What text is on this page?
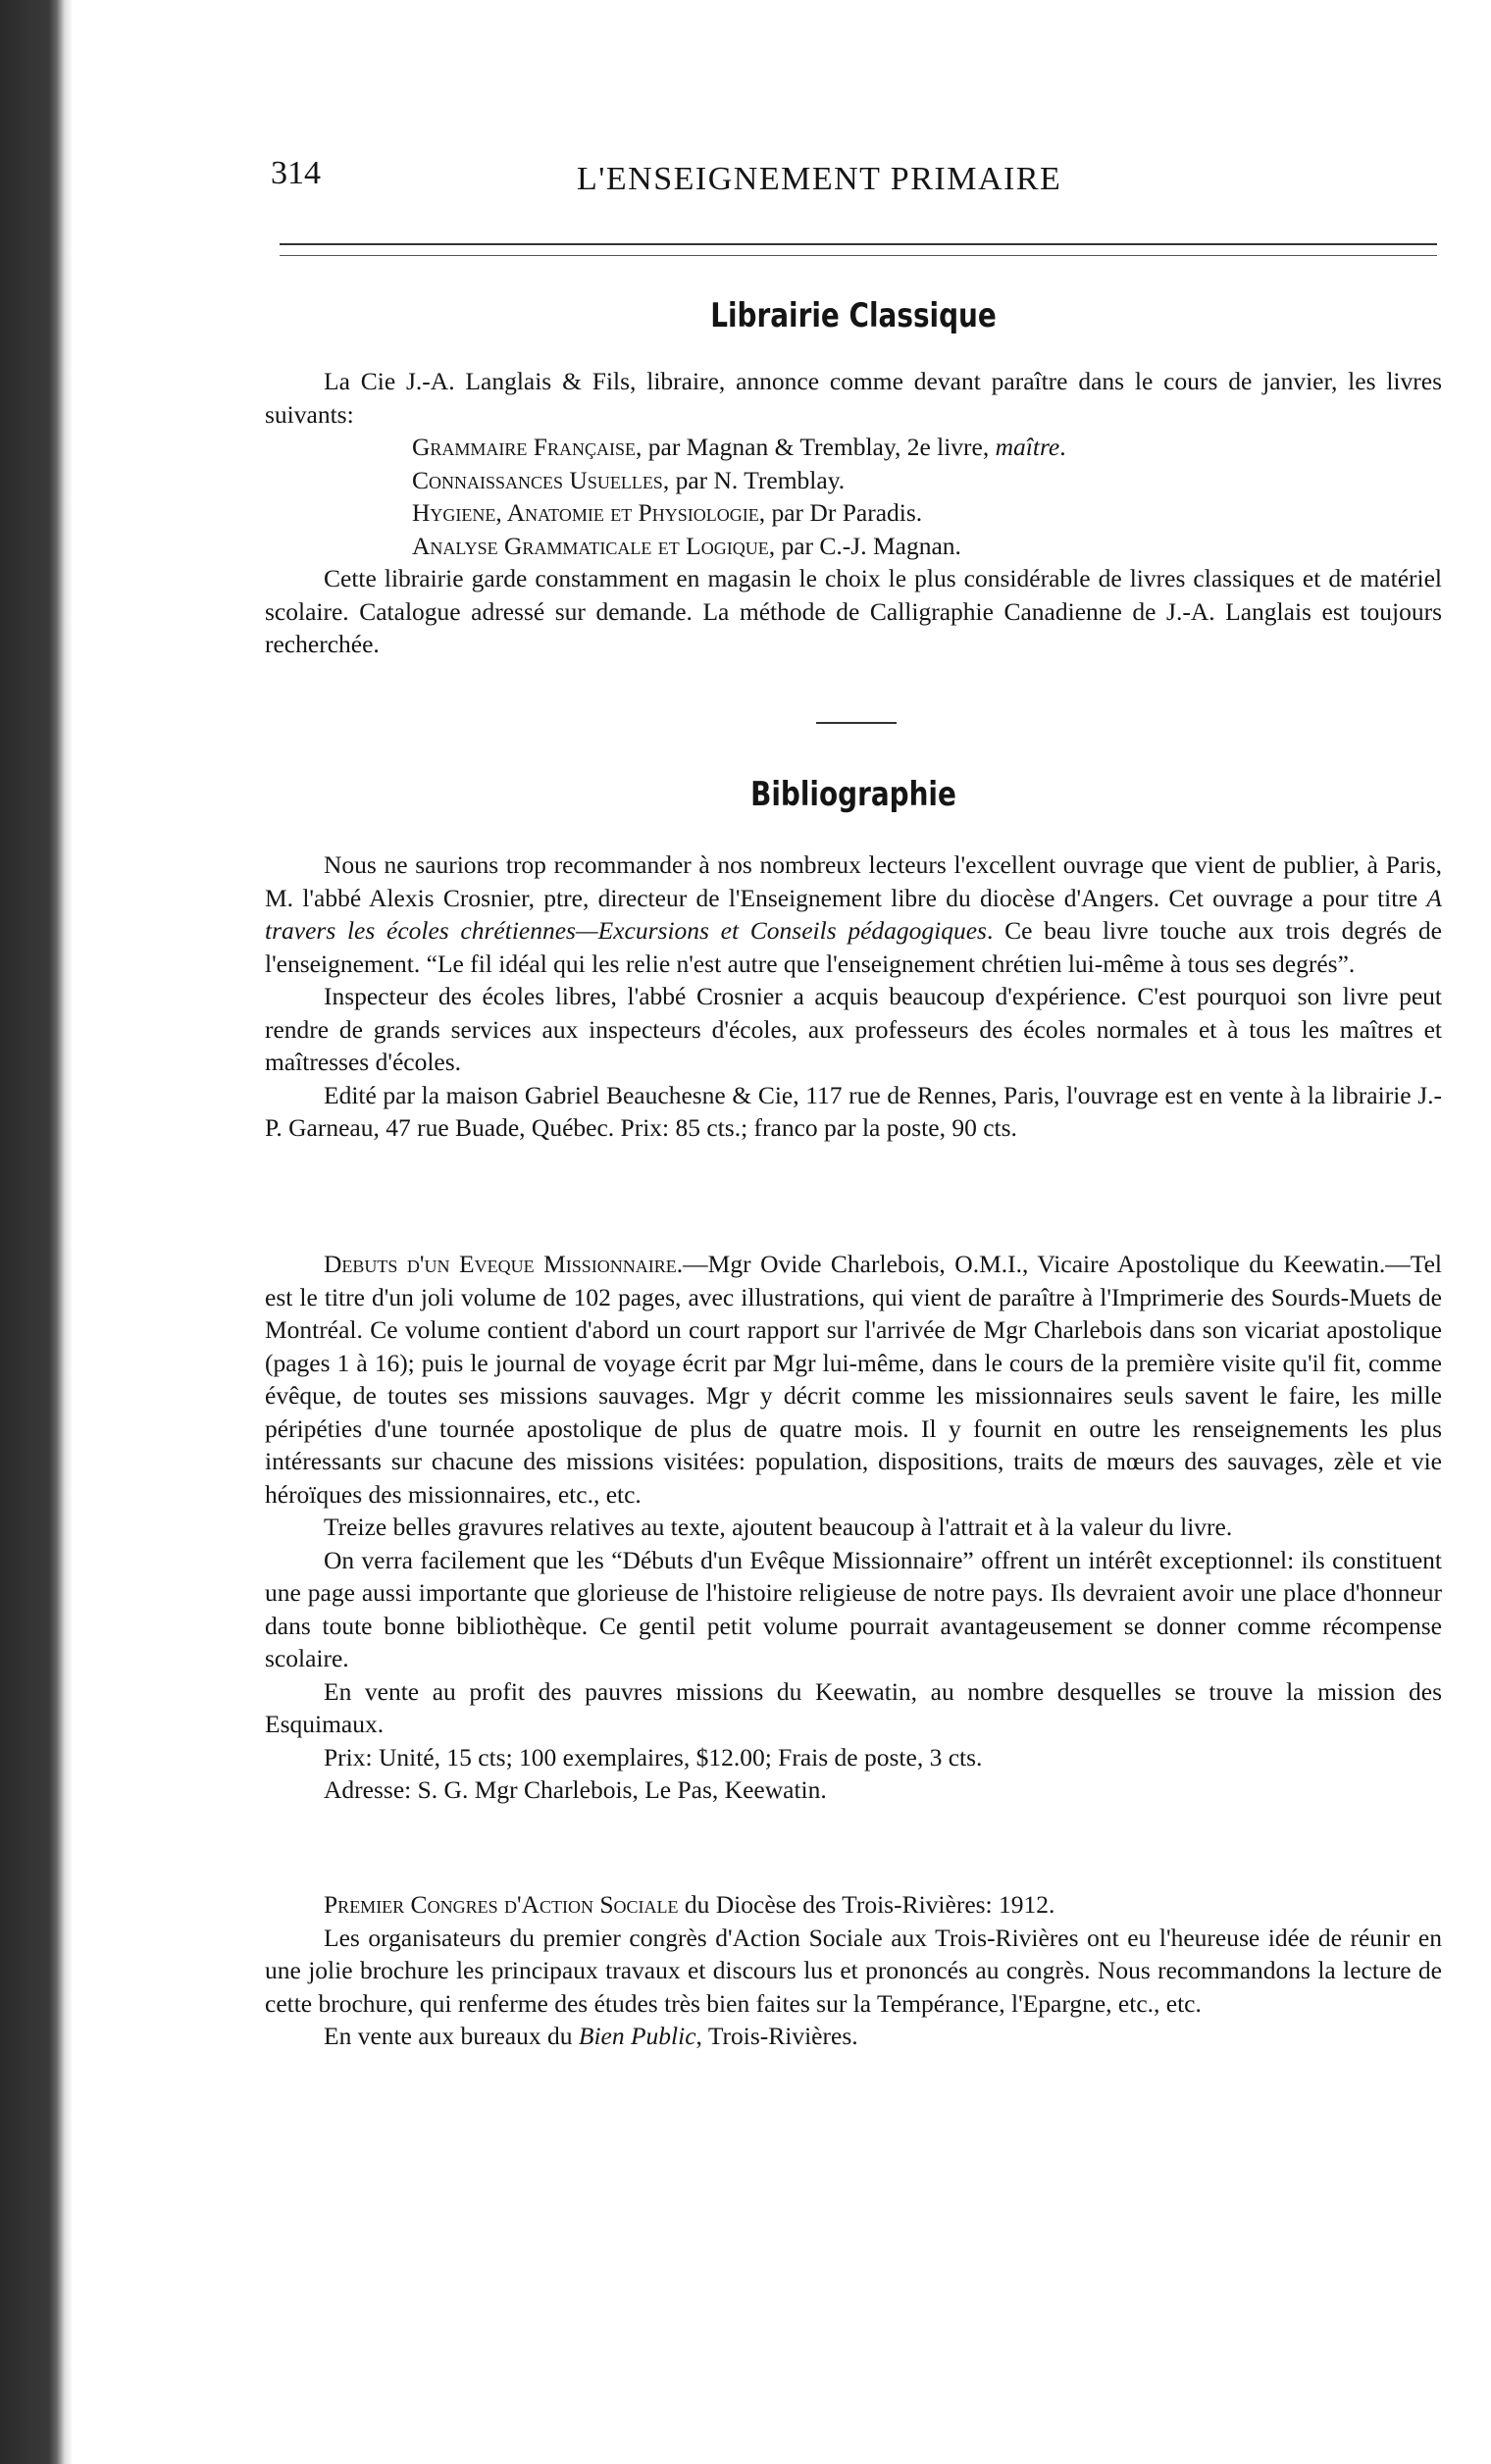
314	L'ENSEIGNEMENT PRIMAIRE
Librairie Classique

La Cie J.-A. Langlais & Fils, libraire, annonce comme devant paraître dans le cours de janvier, les livres suivants:

Grammaire Française, par Magnan & Tremblay, 2e livre, maître.
Connaissances Usuelles, par N. Tremblay.
Hygiene, Anatomie et Physiologie, par Dr Paradis.
Analyse Grammaticale et Logique, par C.-J. Magnan.

Cette librairie garde constamment en magasin le choix le plus considérable de livres classiques et de matériel scolaire. Catalogue adressé sur demande. La méthode de Calligraphie Canadienne de J.-A. Langlais est toujours recherchée.

Bibliographie

Nous ne saurions trop recommander à nos nombreux lecteurs l'excellent ouvrage que vient de publier, à Paris, M. l'abbé Alexis Crosnier, ptre, directeur de l'Enseignement libre du diocèse d'Angers. Cet ouvrage a pour titre A travers les écoles chrétiennes—Excursions et Conseils pédagogiques. Ce beau livre touche aux trois degrés de l'enseignement. “Le fil idéal qui les relie n'est autre que l'enseignement chrétien lui-même à tous ses degrés”.

Inspecteur des écoles libres, l'abbé Crosnier a acquis beaucoup d'expérience. C'est pourquoi son livre peut rendre de grands services aux inspecteurs d'écoles, aux professeurs des écoles normales et à tous les maîtres et maîtresses d'écoles.

Edité par la maison Gabriel Beauchesne & Cie, 117 rue de Rennes, Paris, l'ouvrage est en vente à la librairie J.-P. Garneau, 47 rue Buade, Québec. Prix: 85 cts.; franco par la poste, 90 cts.

Debuts d'un Eveque Missionnaire.—Mgr Ovide Charlebois, O.M.I., Vicaire Apostolique du Keewatin.—Tel est le titre d'un joli volume de 102 pages, avec illustrations, qui vient de paraître à l'Imprimerie des Sourds-Muets de Montréal. Ce volume contient d'abord un court rapport sur l'arrivée de Mgr Charlebois dans son vicariat apostolique (pages 1 à 16); puis le journal de voyage écrit par Mgr lui-même, dans le cours de la première visite qu'il fit, comme évêque, de toutes ses missions sauvages. Mgr y décrit comme les missionnaires seuls savent le faire, les mille péripéties d'une tournée apostolique de plus de quatre mois. Il y fournit en outre les renseignements les plus intéressants sur chacune des missions visitées: population, dispositions, traits de mœurs des sauvages, zèle et vie héroïques des missionnaires, etc., etc.

Treize belles gravures relatives au texte, ajoutent beaucoup à l'attrait et à la valeur du livre.

On verra facilement que les “Débuts d'un Evêque Missionnaire” offrent un intérêt exceptionnel: ils constituent une page aussi importante que glorieuse de l'histoire religieuse de notre pays. Ils devraient avoir une place d'honneur dans toute bonne bibliothèque. Ce gentil petit volume pourrait avantageusement se donner comme récompense scolaire.

En vente au profit des pauvres missions du Keewatin, au nombre desquelles se trouve la mission des Esquimaux.

Prix: Unité, 15 cts; 100 exemplaires, $12.00; Frais de poste, 3 cts.

Adresse: S. G. Mgr Charlebois, Le Pas, Keewatin.

Premier Congres d'Action Sociale du Diocèse des Trois-Rivières: 1912.

Les organisateurs du premier congrès d'Action Sociale aux Trois-Rivières ont eu l'heureuse idée de réunir en une jolie brochure les principaux travaux et discours lus et prononcés au congrès. Nous recommandons la lecture de cette brochure, qui renferme des études très bien faites sur la Tempérance, l'Epargne, etc., etc.

En vente aux bureaux du Bien Public, Trois-Rivières.
